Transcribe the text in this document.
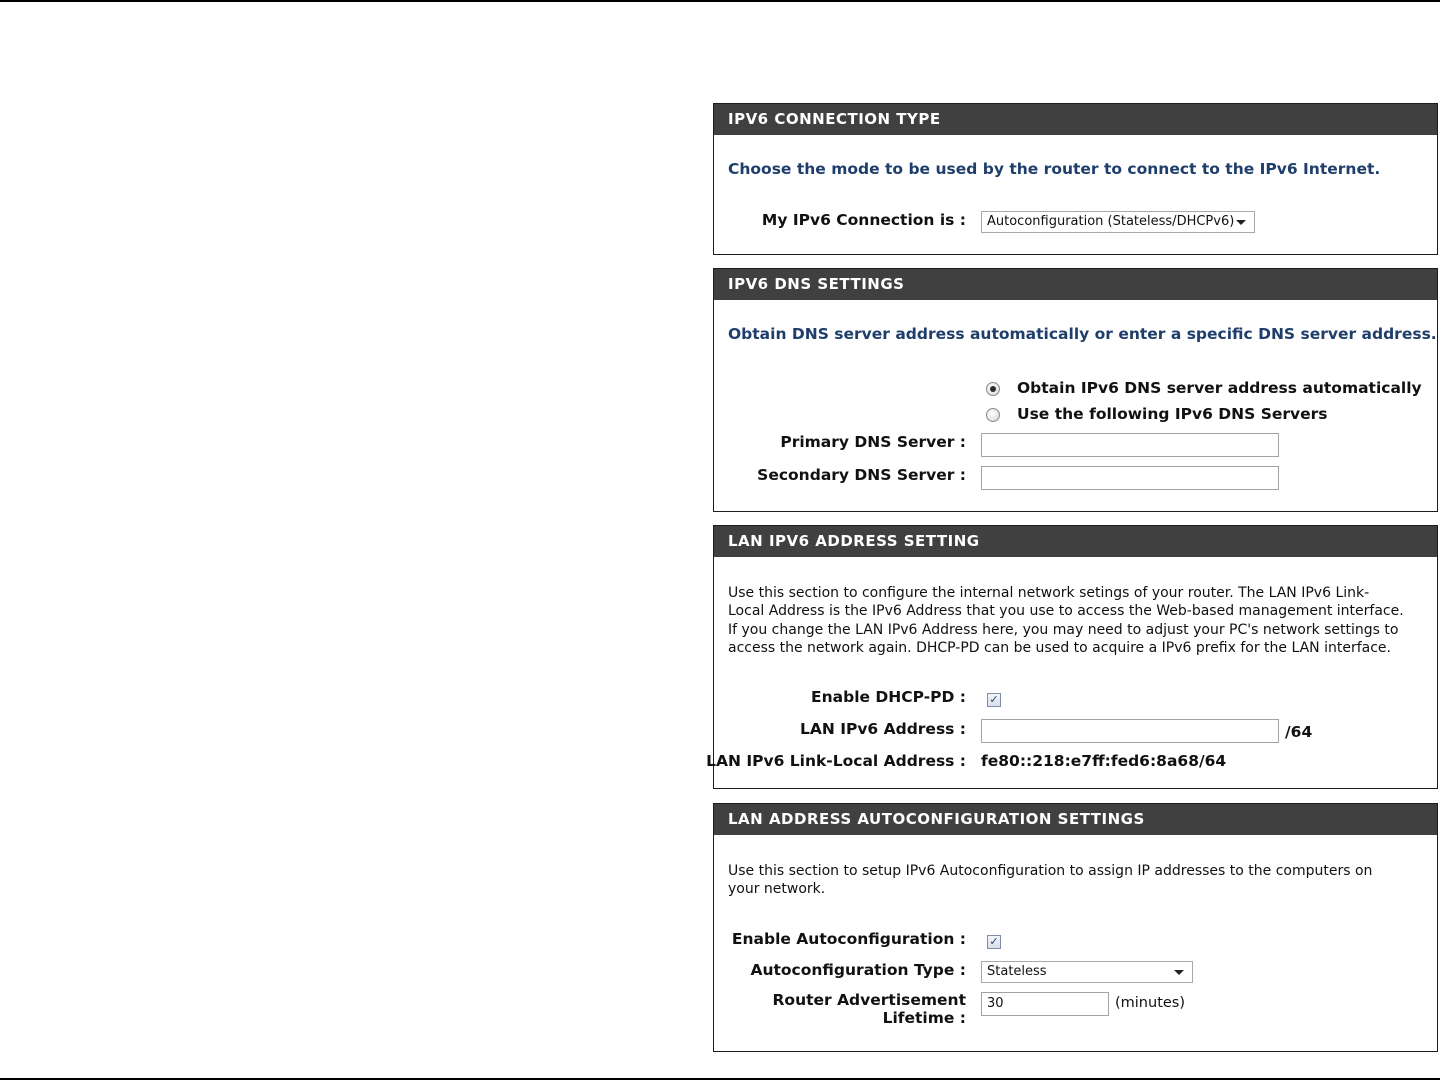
IPV6 CONNECTION TYPE
Choose the mode to be used by the router to connect to the IPv6 Internet.
My IPv6 Connection is :	Autoconfiguration (Stateless/DHCPv6)
IPV6 DNS SETTINGS
Obtain DNS server address automatically or enter a specific DNS server address.
Obtain IPv6 DNS server address automatically
Use the following IPv6 DNS Servers
Primary DNS Server :
Secondary DNS Server :
LAN IPV6 ADDRESS SETTING
Use this section to configure the internal network setings of your router. The LAN IPv6 Link-
Local Address is the IPv6 Address that you use to access the Web-based management interface.
If you change the LAN IPv6 Address here, you may need to adjust your PC's network settings to
access the network again. DHCP-PD can be used to acquire a IPv6 prefix for the LAN interface.
Enable DHCP-PD : ✓
LAN IPv6 Address :	/64
LAN IPv6 Link-Local Address : fe80::218:e7ff:fed6:8a68/64
LAN ADDRESS AUTOCONFIGURATION SETTINGS
Use this section to setup IPv6 Autoconfiguration to assign IP addresses to the computers on
your network.
Enable Autoconfiguration : ✓
Autoconfiguration Type :	Stateless
Router Advertisement
Lifetime :
30	(minutes)
